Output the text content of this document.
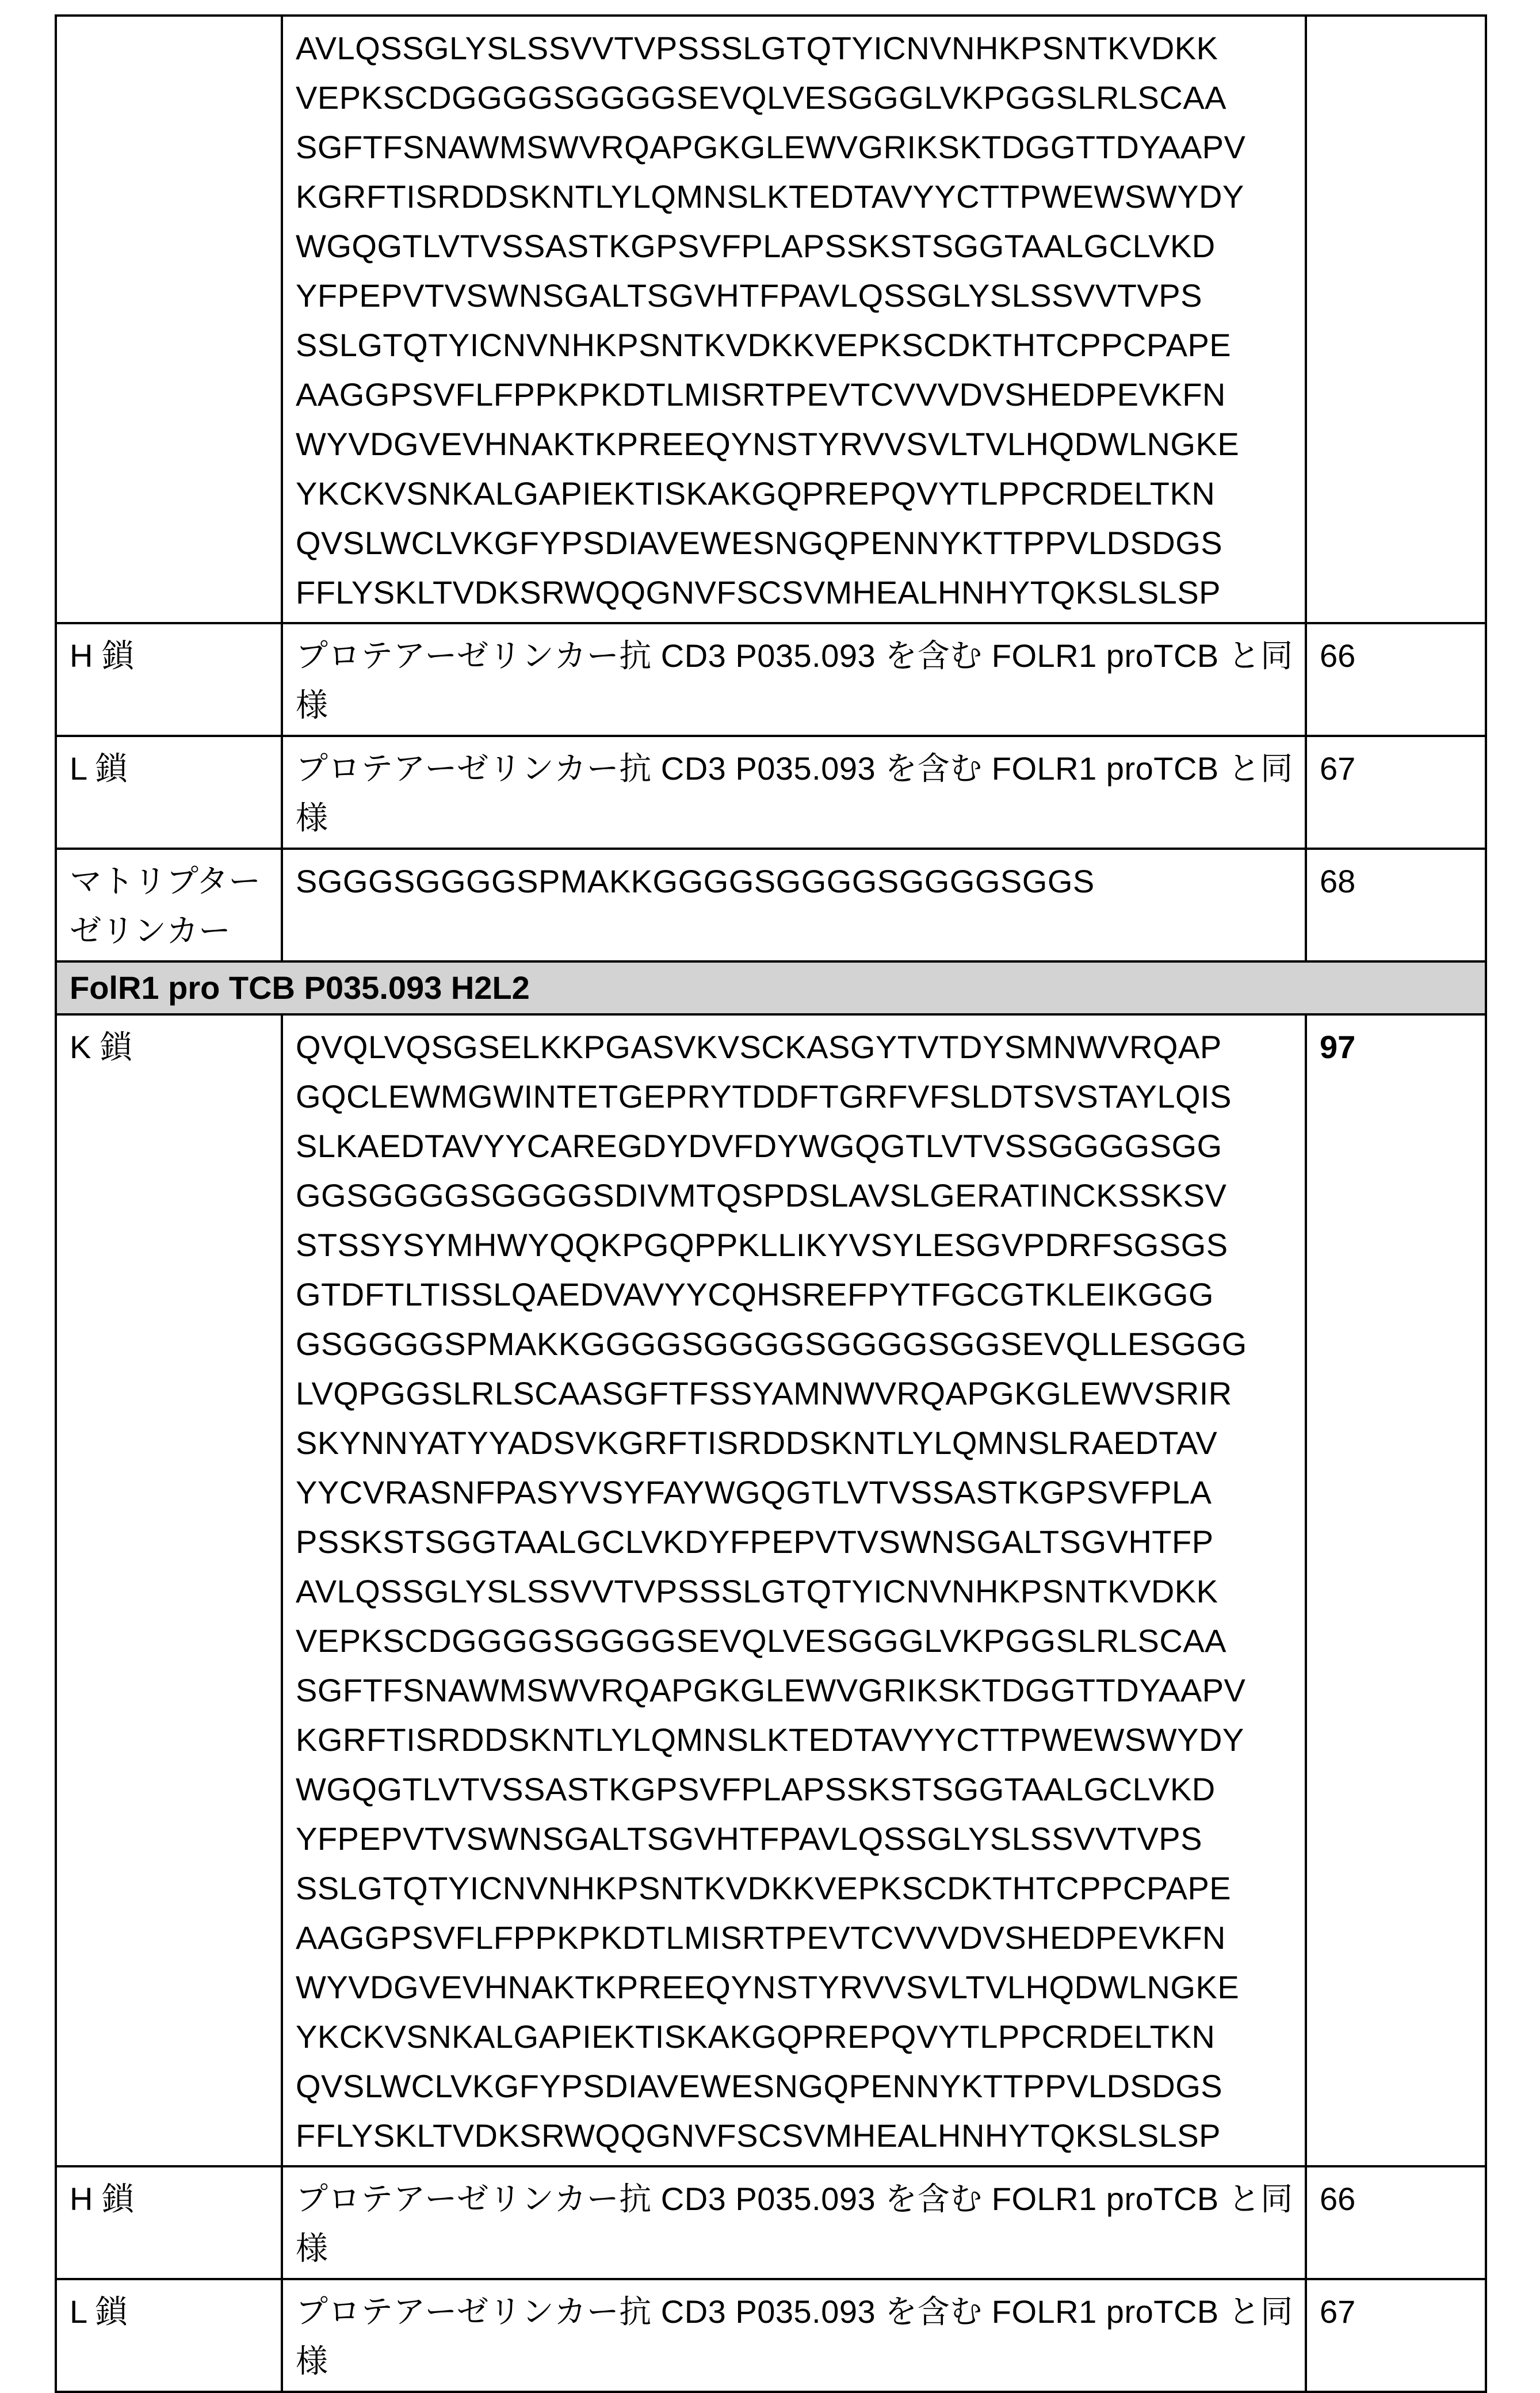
AVLQSSGLYSLSSVVTVPSSSLGTQTYICNVNHKPSNTKVDKK
VEPKSCDGGGGSGGGGSEVQLVESGGGLVKPGGSLRLSCAA
SGFTFSNAWMSWVRQAPGKGLEWVGRIKSKTDGGTTDYAAPV
KGRFTISRDDSKNTLYLQMNSLKTEDTAVYYCTTPWEWSWYDY
WGQGTLVTVSSASTKGPSVFPLAPSSKSTSGGTAALGCLVKD
YFPEPVTVSWNSGALTSGVHTFPAVLQSSGLYSLSSVVTVPS
SSLGTQTYICNVNHKPSNTKVDKKVEPKSCDKTHTCPPCPAPE
AAGGPSVFLFPPKPKDTLMISRTPEVTCVVVDVSHEDPEVKFN
WYVDGVEVHNAKTKPREEQYNSTYRVVSVLTVLHQDWLNGKE
YKCKVSNKALGAPIEKTISKAKGQPREPQVYTLPPCRDELTKN
QVSLWCLVKGFYPSDIAVEWESNGQPENNYKTTPPVLDSDGS
FFLYSKLTVDKSRWQQGNVFSCSVMHEALHNHYTQKSLSLSP

H 鎖	プロテアーゼリンカー抗 CD3 P035.093 を含む FOLR1 proTCB と同
様
	66
L 鎖	プロテアーゼリンカー抗 CD3 P035.093 を含む FOLR1 proTCB と同
様
	67
マトリプターゼリンカー	
SGGGSGGGGSPMAKKGGGGSGGGGSGGGGSGGS	68
FolR1 pro TCB P035.093 H2L2
K 鎖	QVQLVQSGSELKKPGASVKVSCKASGYTVTDYSMNWVRQAP
GQCLEWMGWINTETGEPRYTDDFTGRFVFSLDTSVSTAYLQIS
SLKAEDTAVYYCAREGDYDVFDYWGQGTLVTVSSGGGGSGG
GGSGGGGSGGGGSDIVMTQSPDSLAVSLGERATINCKSSKSV
STSSYSYMHWYQQKPGQPPKLLIKYVSYLESGVPDRFSGSGS
GTDFTLTISSLQAEDVAVYYCQHSREFPYTFGCGTKLEIKGGG
GSGGGGSPMAKKGGGGSGGGGSGGGGSGGSEVQLLESGGG
LVQPGGSLRLSCAASGFTFSSYAMNWVRQAPGKGLEWVSRIR
SKYNNYATYYADSVKGRFTISRDDSKNTLYLQMNSLRAEDTAV
YYCVRASNFPASYVSYFAYWGQGTLVTVSSASTKGPSVFPLA
PSSKSTSGGTAALGCLVKDYFPEPVTVSWNSGALTSGVHTFP
AVLQSSGLYSLSSVVTVPSSSLGTQTYICNVNHKPSNTKVDKK
VEPKSCDGGGGSGGGGSEVQLVESGGGLVKPGGSLRLSCAA
SGFTFSNAWMSWVRQAPGKGLEWVGRIKSKTDGGTTDYAAPV
KGRFTISRDDSKNTLYLQMNSLKTEDTAVYYCTTPWEWSWYDY
WGQGTLVTVSSASTKGPSVFPLAPSSKSTSGGTAALGCLVKD
YFPEPVTVSWNSGALTSGVHTFPAVLQSSGLYSLSSVVTVPS
SSLGTQTYICNVNHKPSNTKVDKKVEPKSCDKTHTCPPCPAPE
AAGGPSVFLFPPKPKDTLMISRTPEVTCVVVDVSHEDPEVKFN
WYVDGVEVHNAKTKPREEQYNSTYRVVSVLTVLHQDWLNGKE
YKCKVSNKALGAPIEKTISKAKGQPREPQVYTLPPCRDELTKN
QVSLWCLVKGFYPSDIAVEWESNGQPENNYKTTPPVLDSDGS
FFLYSKLTVDKSRWQQGNVFSCSVMHEALHNHYTQKSLSLSP
	97
H 鎖	プロテアーゼリンカー抗 CD3 P035.093 を含む FOLR1 proTCB と同
様
	66
L 鎖	プロテアーゼリンカー抗 CD3 P035.093 を含む FOLR1 proTCB と同
様
	67
